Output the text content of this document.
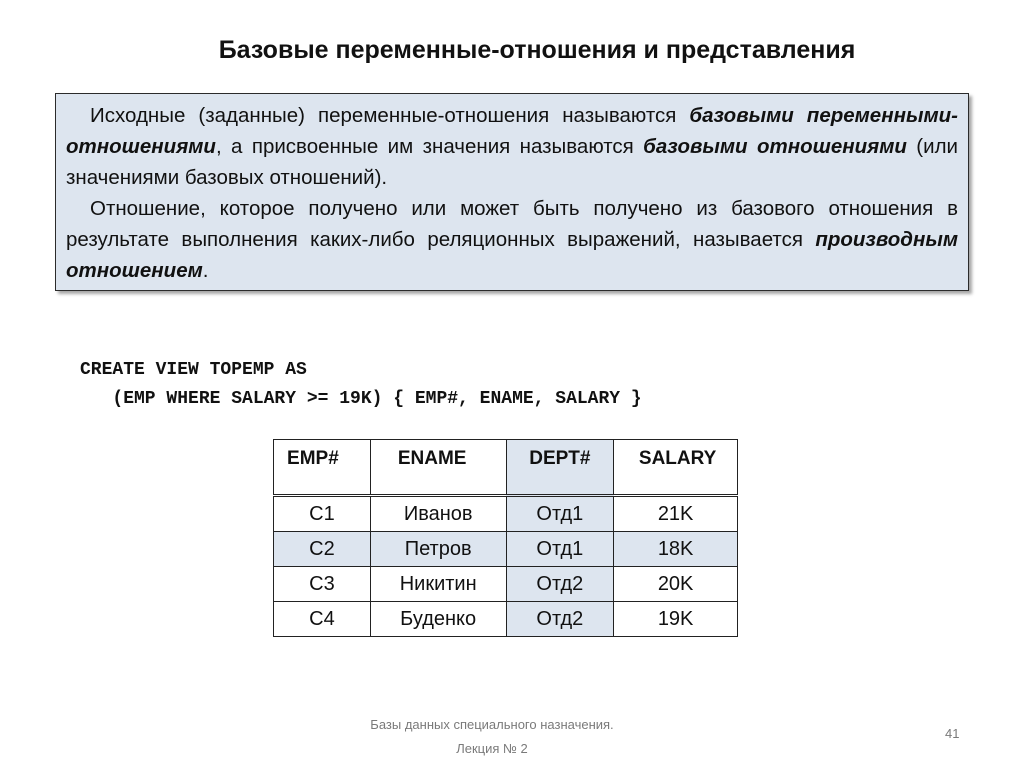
Базовые переменные-отношения и представления

Исходные (заданные) переменные-отношения называются базовыми переменными-отношениями, а присвоенные им значения называются базовыми отношениями (или значениями базовых отношений).

Отношение, которое получено или может быть получено из базового отношения в результате выполнения каких-либо реляционных выражений, называется производным отношением.

CREATE VIEW TOPEMP AS
(EMP WHERE SALARY >= 19K) { EMP#, ENAME, SALARY }
EMP#	ENAME	DEPT#	SALARY
С1	Иванов	Отд1	21K
С2	Петров	Отд1	18K
С3	Никитин	Отд2	20K
С4	Буденко	Отд2	19K
Базы данных специального назначения.
Лекция № 2
41
